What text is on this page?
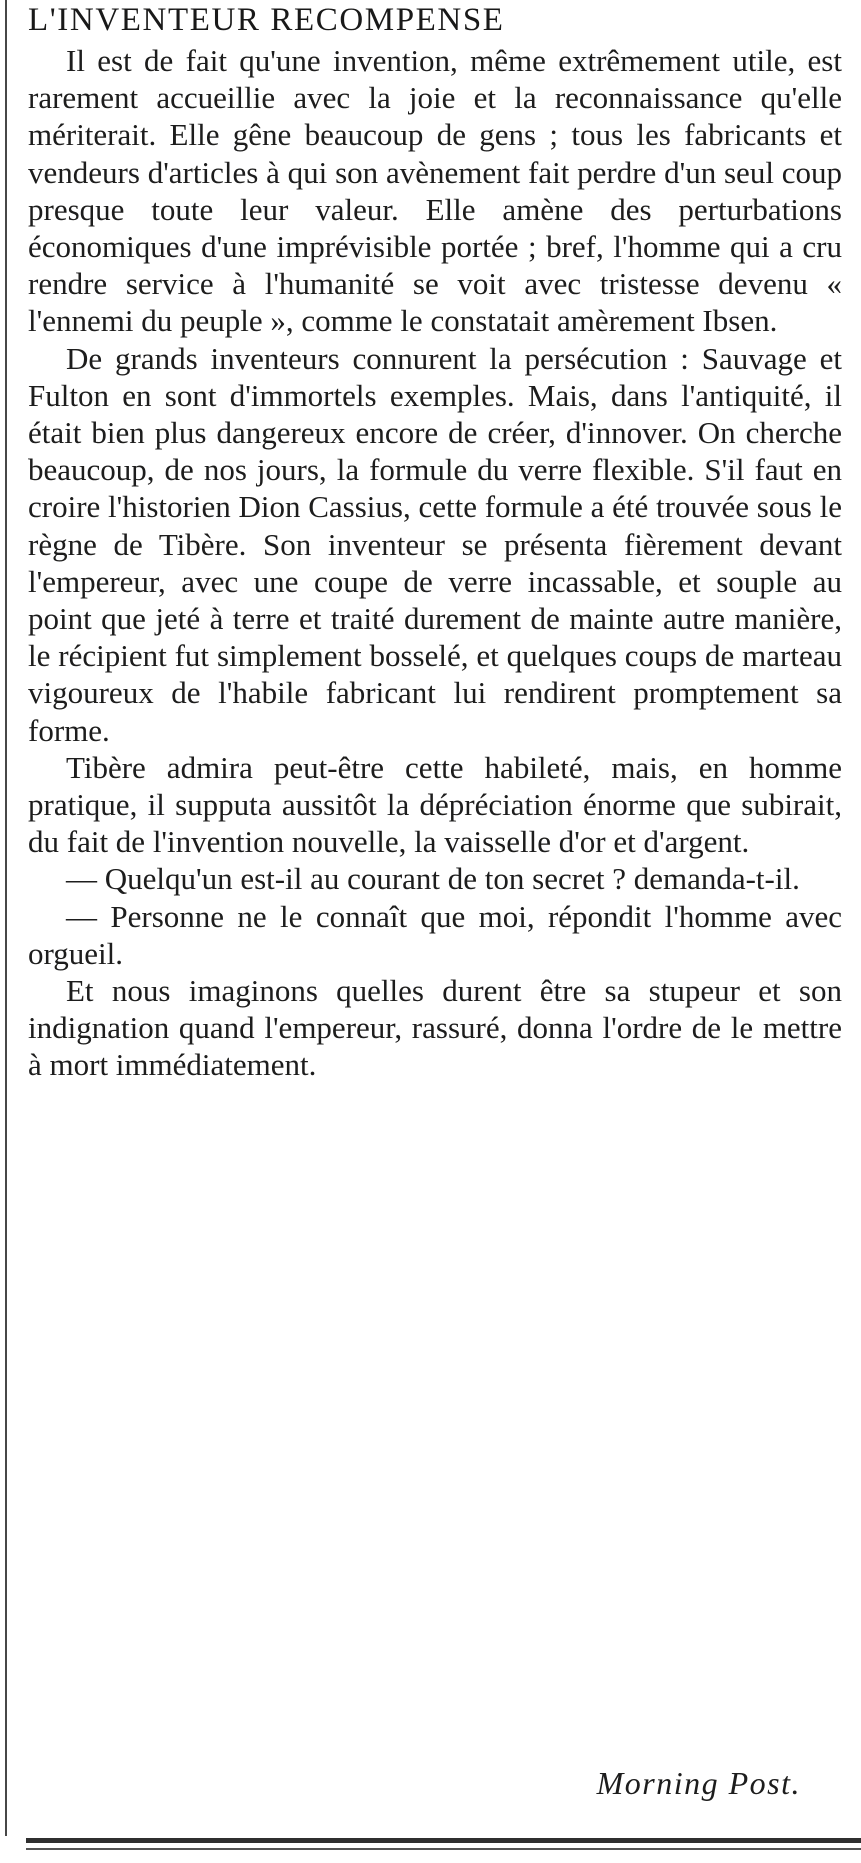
L'INVENTEUR RECOMPENSE

Il est de fait qu'une invention, même extrêmement utile, est rarement accueillie avec la joie et la reconnaissance qu'elle mériterait. Elle gêne beaucoup de gens ; tous les fabricants et vendeurs d'articles à qui son avènement fait perdre d'un seul coup presque toute leur valeur. Elle amène des perturbations économiques d'une imprévisible portée ; bref, l'homme qui a cru rendre service à l'humanité se voit avec tristesse devenu « l'ennemi du peuple », comme le constatait amèrement Ibsen.

De grands inventeurs connurent la persécution : Sauvage et Fulton en sont d'immortels exemples. Mais, dans l'antiquité, il était bien plus dangereux encore de créer, d'innover. On cherche beaucoup, de nos jours, la formule du verre flexible. S'il faut en croire l'historien Dion Cassius, cette formule a été trouvée sous le règne de Tibère. Son inventeur se présenta fièrement devant l'empereur, avec une coupe de verre incassable, et souple au point que jeté à terre et traité durement de mainte autre manière, le récipient fut simplement bosselé, et quelques coups de marteau vigoureux de l'habile fabricant lui rendirent promptement sa forme.

Tibère admira peut-être cette habileté, mais, en homme pratique, il supputa aussitôt la dépréciation énorme que subirait, du fait de l'invention nouvelle, la vaisselle d'or et d'argent.

— Quelqu'un est-il au courant de ton secret ? demanda-t-il.

— Personne ne le connaît que moi, répondit l'homme avec orgueil.

Et nous imaginons quelles durent être sa stupeur et son indignation quand l'empereur, rassuré, donna l'ordre de le mettre à mort immédiatement.

Morning Post.
